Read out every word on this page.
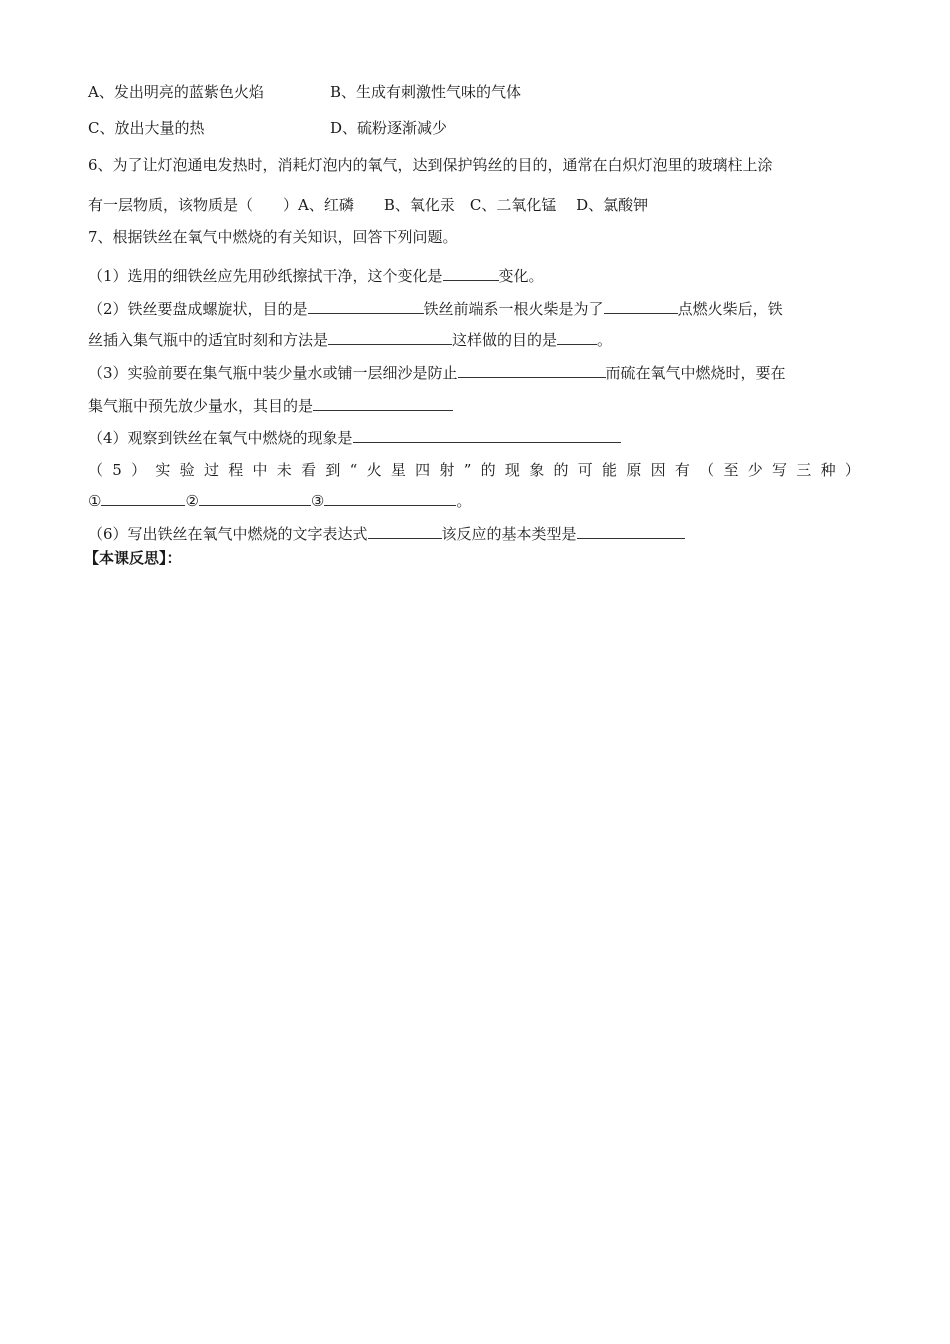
A、发出明亮的蓝紫色火焰	B、生成有刺激性气味的气体
C、放出大量的热	D、硫粉逐渐减少
6、为了让灯泡通电发热时，消耗灯泡内的氧气，达到保护钨丝的目的，通常在白炽灯泡里的玻璃柱上涂
有一层物质，该物质是（　　）A、红磷　　B、氧化汞　C、二氧化锰　 D、氯酸钾
7、根据铁丝在氧气中燃烧的有关知识，回答下列问题。
（1）选用的细铁丝应先用砂纸擦拭干净，这个变化是	变化。
（2）铁丝要盘成螺旋状，目的是	铁丝前端系一根火柴是为了	点燃火柴后，铁
丝插入集气瓶中的适宜时刻和方法是	这样做的目的是	。
（3）实验前要在集气瓶中装少量水或铺一层细沙是防止	而硫在氧气中燃烧时，要在
集气瓶中预先放少量水，其目的是
（4）观察到铁丝在氧气中燃烧的现象是
（ 5 ） 实 验 过 程 中 未 看 到 “ 火 星 四 射 ” 的 现 象 的 可 能 原 因 有 （ 至 少 写 三 种 ）
①	②	③	。
（6）写出铁丝在氧气中燃烧的文字表达式	该反应的基本类型是
【本课反思】：
